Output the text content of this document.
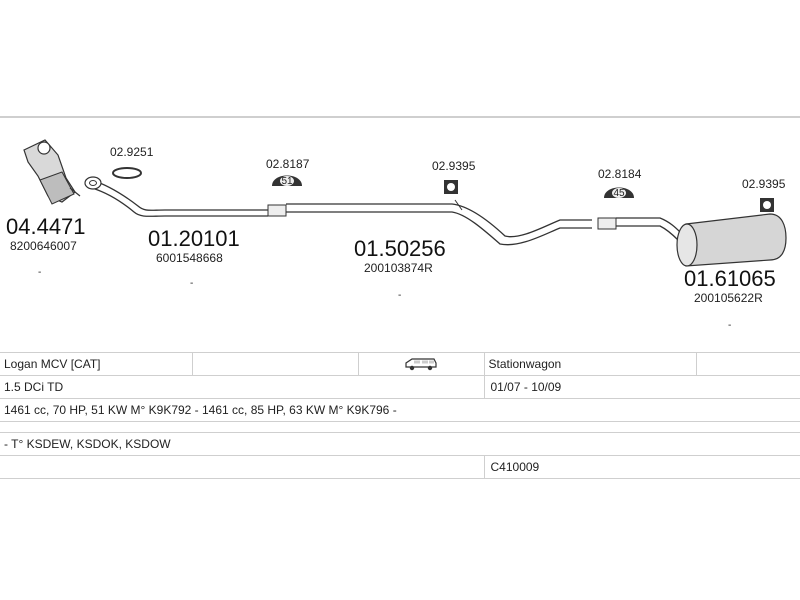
51
45
02.9251
02.8187	02.9395
02.8184
02.9395
04.4471
8200646007
-
01.20101
6001548668
-
01.50256
200103874R
-
01.61065
200105622R
-
Logan MCV [CAT]			Stationwagon	
1.5 DCi TD			01/07 - 10/09	
1461 cc, 70 HP, 51 KW M° K9K792 - 1461 cc, 85 HP, 63 KW M° K9K796 -				

- T° KSDEW, KSDOK, KSDOW				
			C410009	
